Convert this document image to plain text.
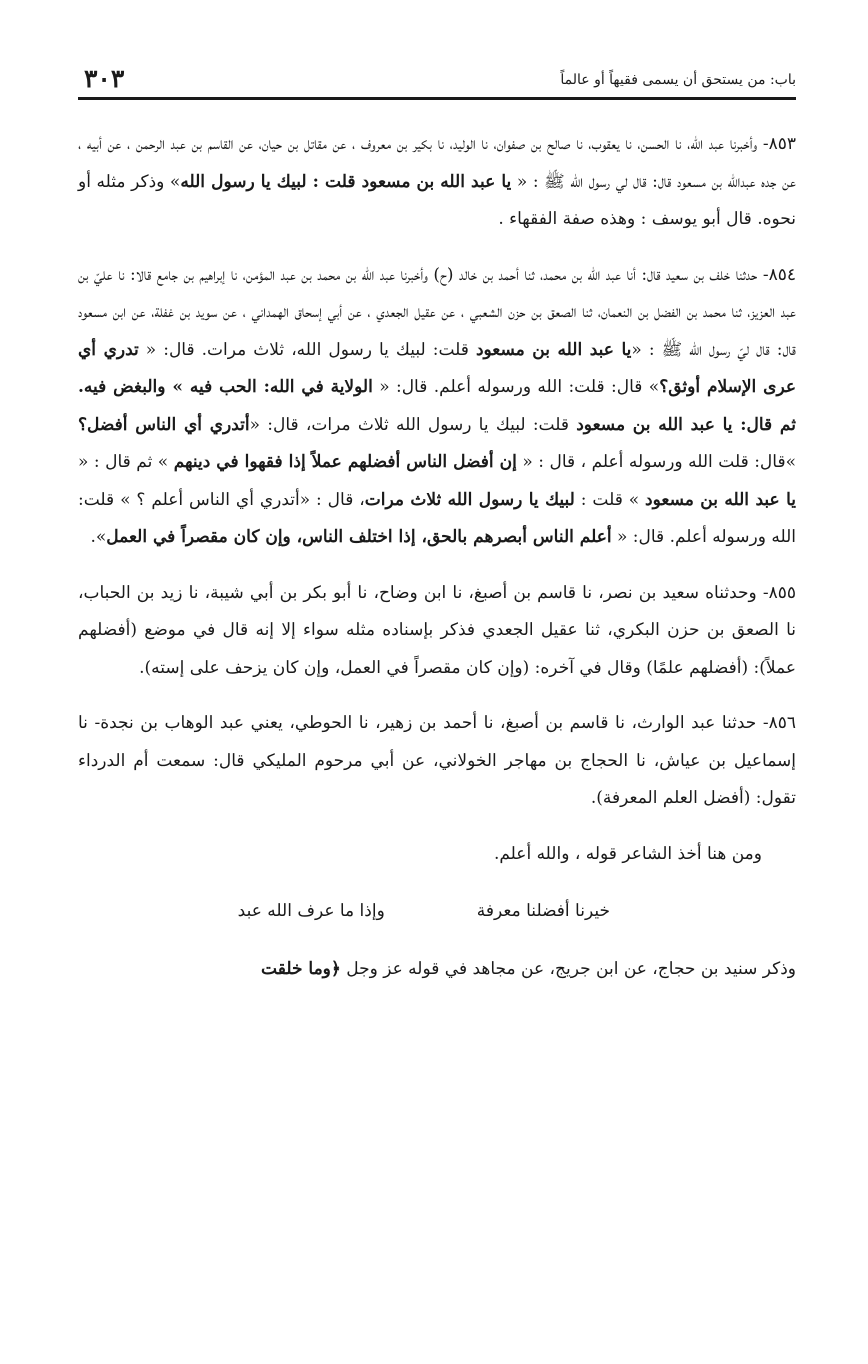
باب: من يستحق أن يسمى فقيهاً أو عالماً
٣٠٣

٨٥٣- وأخبرنا عبد الله، نا الحسن، نا يعقوب، نا صالح بن صفوان، نا الوليد، نا بكير بن معروف ، عن مقاتل بن حيان، عن القاسم بن عبد الرحمن ، عن أبيه ، عن جده عبدالله بن مسعود قال: قال لي رسول الله ﷺ : « يا عبد الله بن مسعود قلت : لبيك يا رسول الله» وذكر مثله أو نحوه. قال أبو يوسف : وهذه صفة الفقهاء .

٨٥٤- حدثنا خلف بن سعيد قال: أنا عبد الله بن محمد، ثنا أحمد بن خالد (ح) وأخبرنا عبد الله بن محمد بن عبد المؤمن، نا إبراهيم بن جامع قالا: نا عليّ بن عبد العزيز، ثنا محمد بن الفضل بن النعمان، ثنا الصعق بن حزن الشعبي ، عن عقيل الجعدي ، عن أبي إسحاق الهمداني ، عن سويد بن غفلة، عن ابن مسعود قال: قال ليّ رسول الله ﷺ : «يا عبد الله بن مسعود قلت: لبيك يا رسول الله، ثلاث مرات. قال: « تدري أي عرى الإسلام أوثق؟» قال: قلت: الله ورسوله أعلم. قال: « الولاية في الله: الحب فيه » والبغض فيه. ثم قال: يا عبد الله بن مسعود قلت: لبيك يا رسول الله ثلاث مرات، قال: «أتدري أي الناس أفضل؟ »قال: قلت الله ورسوله أعلم ، قال : « إن أفضل الناس أفضلهم عملاً إذا فقهوا في دينهم » ثم قال : « يا عبد الله بن مسعود » قلت : لبيك يا رسول الله ثلاث مرات، قال : «أتدري أي الناس أعلم ؟ » قلت: الله ورسوله أعلم. قال: « أعلم الناس أبصرهم بالحق، إذا اختلف الناس، وإن كان مقصراً في العمل».

٨٥٥- وحدثناه سعيد بن نصر، نا قاسم بن أصبغ، نا ابن وضاح، نا أبو بكر بن أبي شيبة، نا زيد بن الحباب، نا الصعق بن حزن البكري، ثنا عقيل الجعدي فذكر بإسناده مثله سواء إلا إنه قال في موضع (أفضلهم عملاً): (أفضلهم علمًا) وقال في آخره: (وإن كان مقصراً في العمل، وإن كان يزحف على إسته).

٨٥٦- حدثنا عبد الوارث، نا قاسم بن أصبغ، نا أحمد بن زهير، نا الحوطي، يعني عبد الوهاب بن نجدة- نا إسماعيل بن عياش، نا الحجاج بن مهاجر الخولاني، عن أبي مرحوم المليكي قال: سمعت أم الدرداء تقول: (أفضل العلم المعرفة).

ومن هنا أخذ الشاعر قوله ، والله أعلم.

خيرنا أفضلنا معرفة
وإذا ما عرف الله عبد

وذكر سنيد بن حجاج، عن ابن جريج، عن مجاهد في قوله عز وجل ﴿وما خلقت
